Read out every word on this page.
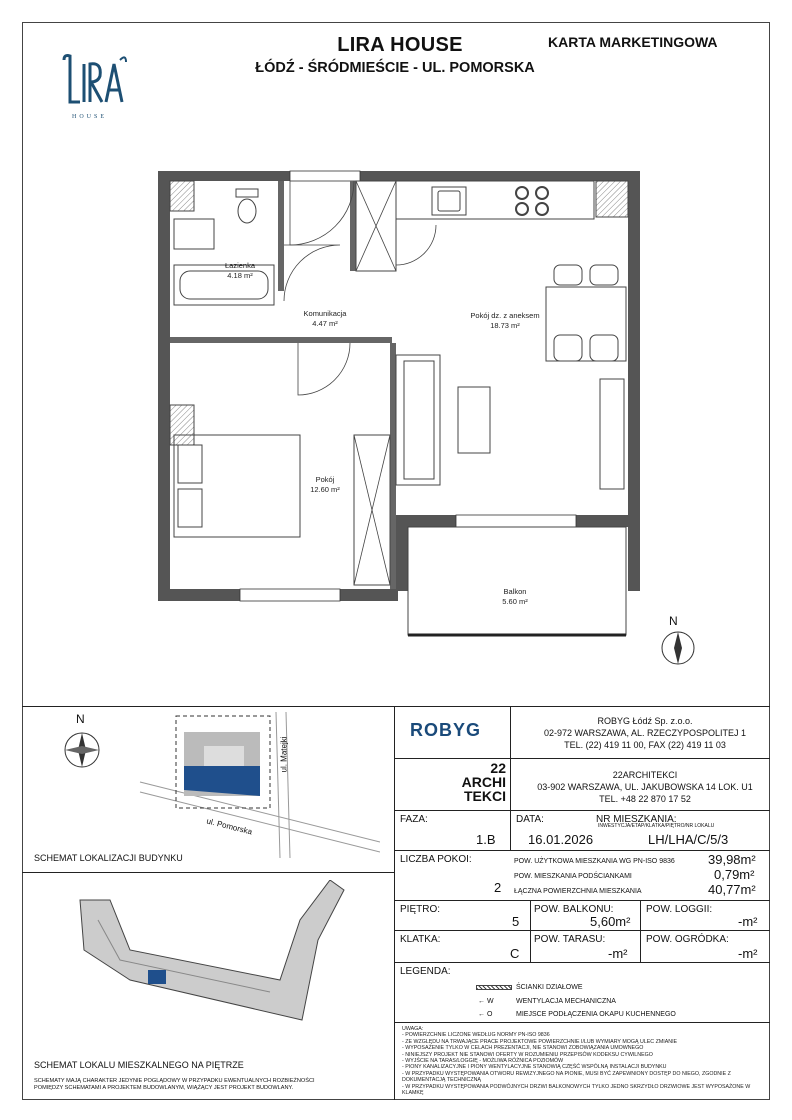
LIRA HOUSE
ŁÓDŹ - ŚRÓDMIEŚCIE - UL. POMORSKA
KARTA MARKETINGOWA
HOUSE
Łazienka
4.18 m²
Komunikacja
4.47 m²
Pokój dz. z aneksem
18.73 m²
Pokój
12.60 m²
Balkon
5.60 m²
N
N
ul. Pomorska
ul. Matejki
SCHEMAT LOKALIZACJI BUDYNKU
SCHEMAT LOKALU MIESZKALNEGO NA PIĘTRZE
SCHEMATY MAJĄ CHARAKTER JEDYNIE POGLĄDOWY W PRZYPADKU EWENTUALNYCH ROZBIEŻNOŚCI POMIĘDZY SCHEMATAMI A PROJEKTEM BUDOWLANYM, WIĄŻĄCY JEST PROJEKT BUDOWLANY.
ROBYG	ROBYG Łódź Sp. z.o.o.
02-972 WARSZAWA, AL. RZECZYPOSPOLITEJ 1
TEL. (22) 419 11 00, FAX (22) 419 11 03
22
ARCHI
TEKCI
22ARCHITEKCI
03-902 WARSZAWA, UL. JAKUBOWSKA 14 LOK. U1
TEL. +48 22 870 17 52
FAZA:
1.B
DATA:
16.01.2026
NR MIESZKANIA:
INWESTYCJA/ETAP/KLATKA/PIĘTRO/NR LOKALU
LH/LHA/C/5/3
LICZBA POKOI:
2
POW. UŻYTKOWA MIESZKANIA WG PN-ISO 9836	39,98m²
POW. MIESZKANIA PODŚCIANKAMI	0,79m²
ŁĄCZNA POWIERZCHNIA MIESZKANIA	40,77m²
PIĘTRO:
5
POW. BALKONU:
5,60m²
POW. LOGGII:
-m²
KLATKA:
C
POW. TARASU:
-m²
POW. OGRÓDKA:
-m²
LEGENDA:
ŚCIANKI DZIAŁOWE
← W	WENTYLACJA MECHANICZNA
← O	MIEJSCE PODŁĄCZENIA OKAPU KUCHENNEGO
UWAGA:
- POWIERZCHNIE LICZONE WEDŁUG NORMY PN-ISO 9836
- ZE WZGLĘDU NA TRWAJĄCE PRACE PROJEKTOWE POWIERZCHNIE I/LUB WYMIARY MOGĄ ULEC ZMIANIE
- WYPOSAŻENIE TYLKO W CELACH PREZENTACJI, NIE STANOWI ZOBOWIĄZANIA UMOWNEGO
- NINIEJSZY PROJEKT NIE STANOWI OFERTY W ROZUMIENIU PRZEPISÓW KODEKSU CYWILNEGO
- WYJŚCIE NA TARAS/LOGGIĘ - MOŻLIWA RÓŻNICA POZIOMÓW
- PIONY KANALIZACYJNE I PIONY WENTYLACYJNE STANOWIĄ CZĘŚĆ WSPÓLNĄ INSTALACJI BUDYNKU
- W PRZYPADKU WYSTĘPOWANIA OTWORU REWIZYJNEGO NA PIONIE, MUSI BYĆ ZAPEWNIONY DOSTĘP DO NIEGO, ZGODNIE Z DOKUMENTACJĄ TECHNICZNĄ
- W PRZYPADKU WYSTĘPOWANIA PODWÓJNYCH DRZWI BALKONOWYCH TYLKO JEDNO SKRZYDŁO DRZWIOWE JEST WYPOSAŻONE W KLAMKĘ
